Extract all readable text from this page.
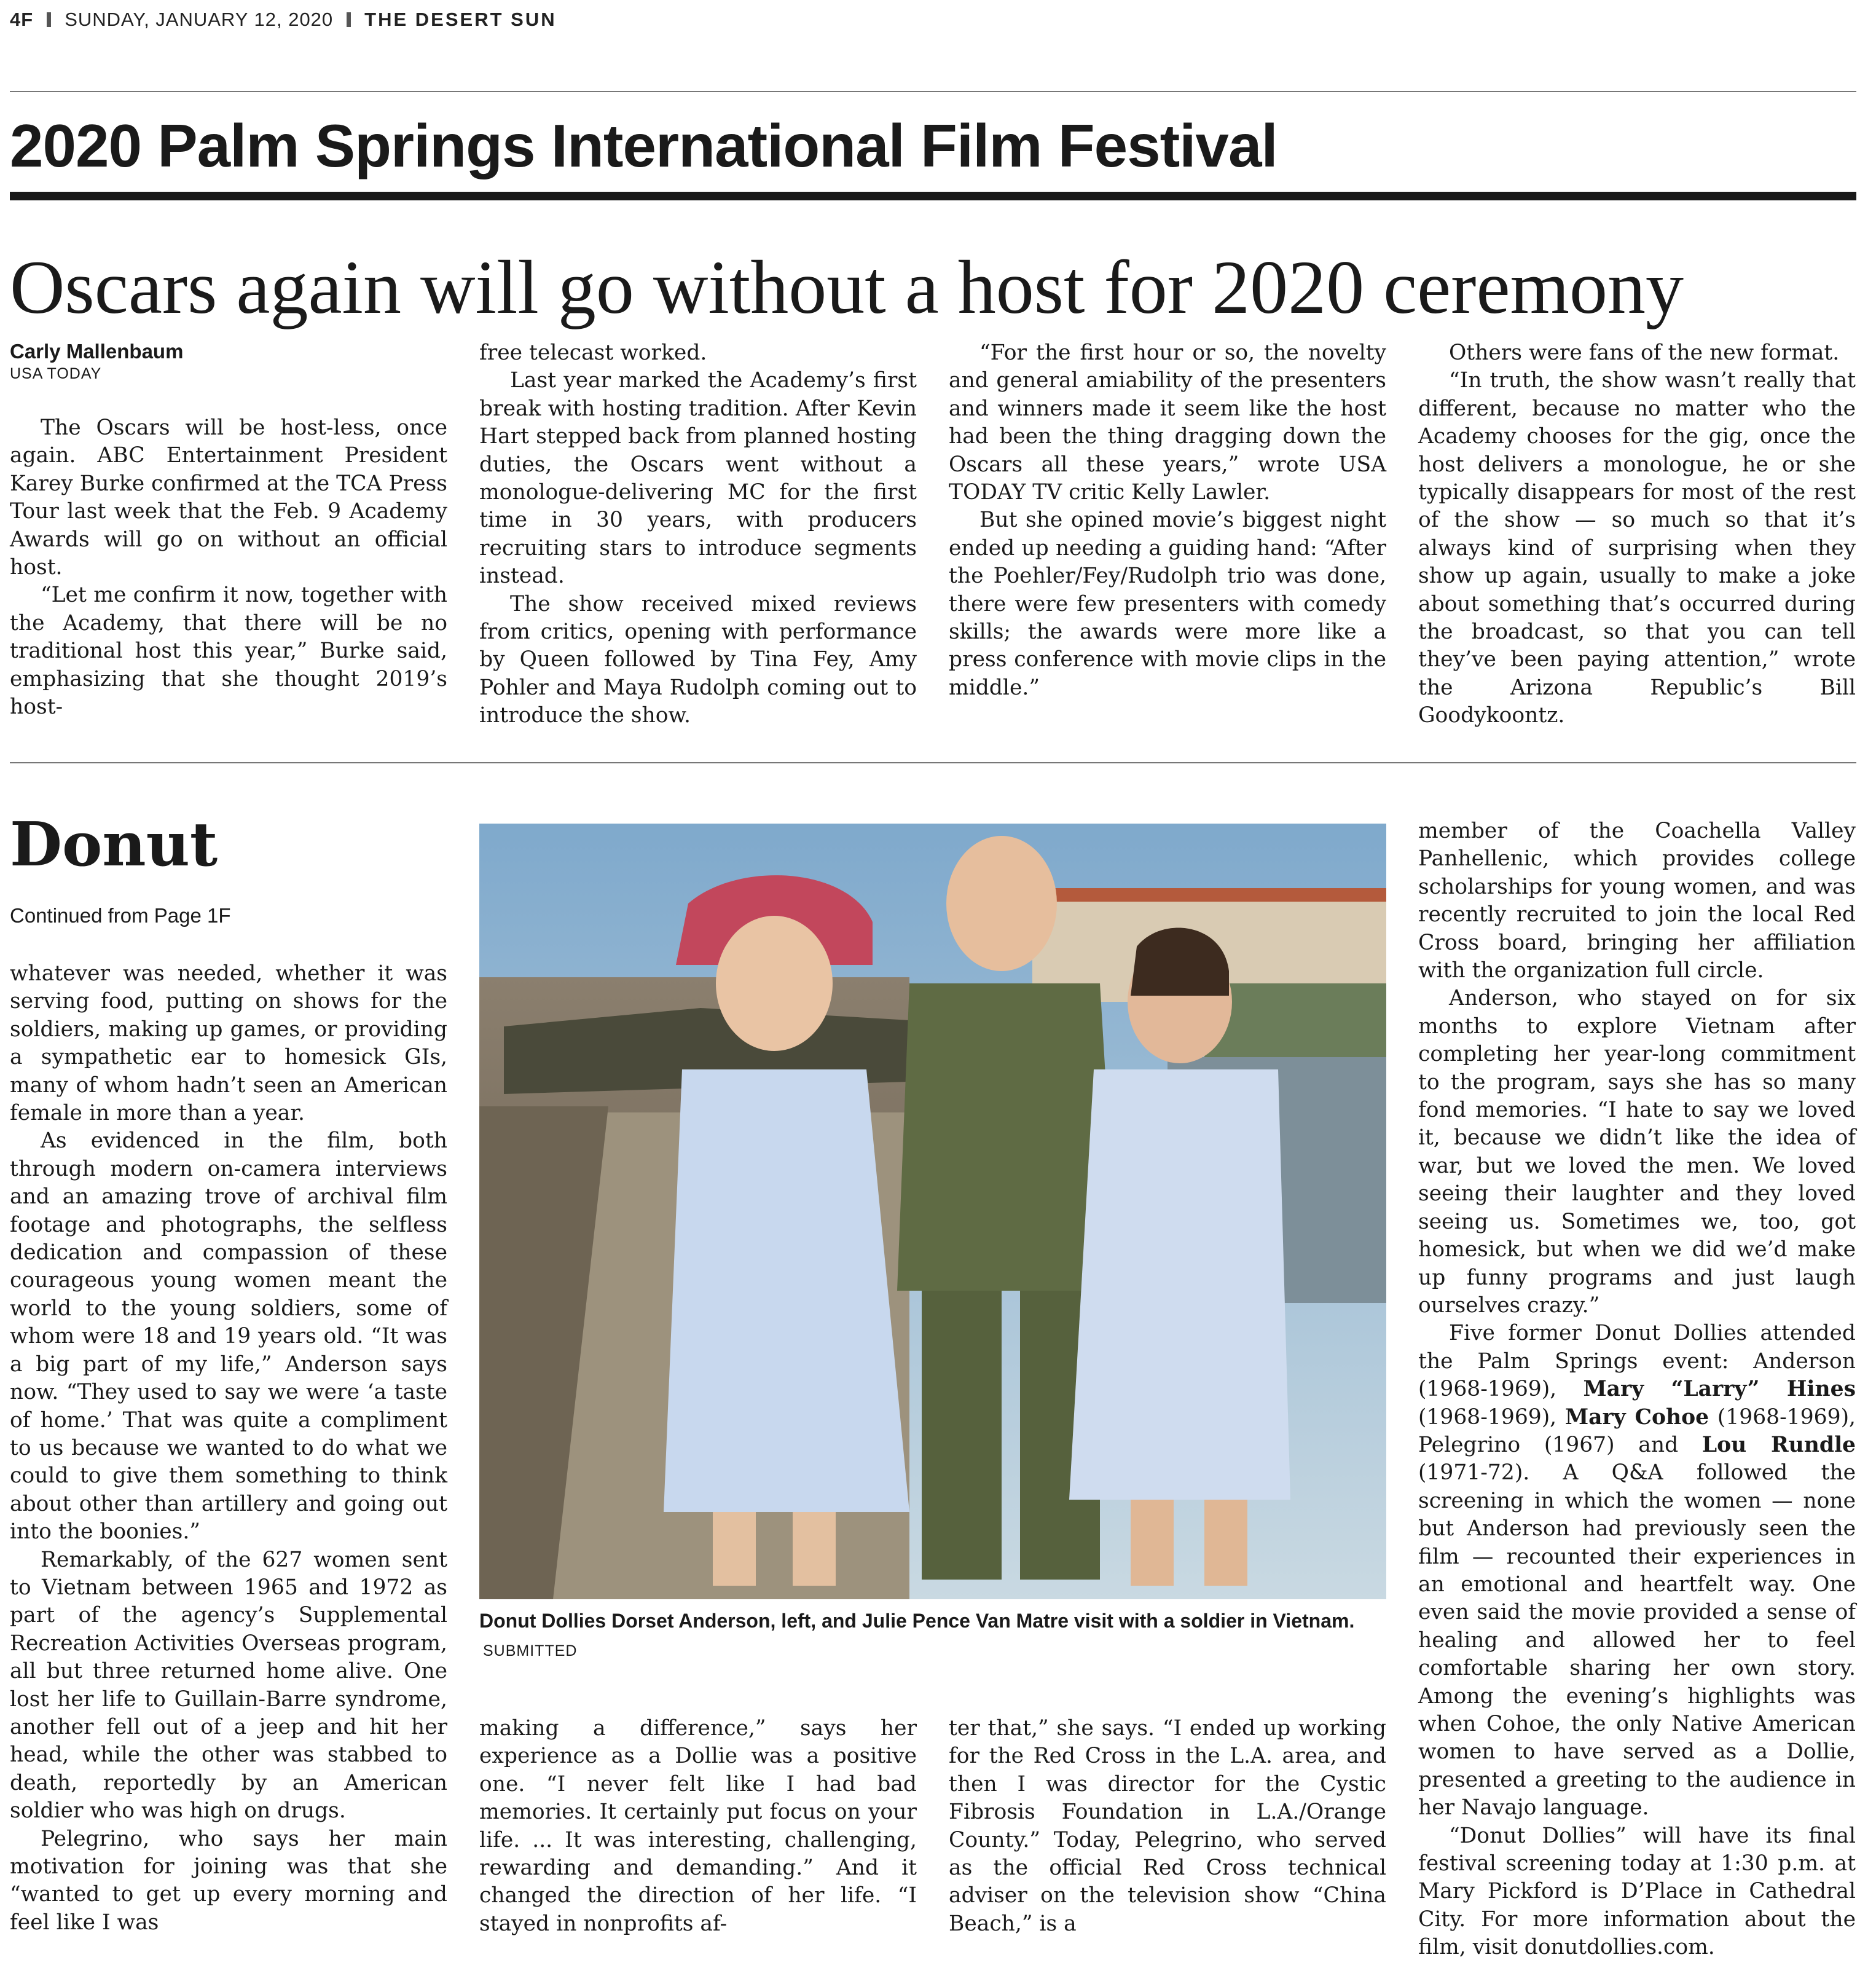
4F SUNDAY, JANUARY 12, 2020 THE DESERT SUN
2020 Palm Springs International Film Festival
Oscars again will go without a host for 2020 ceremony
Carly Mallenbaum
USA TODAY

The Oscars will be host-less, once again. ABC Entertainment President Karey Burke confirmed at the TCA Press Tour last week that the Feb. 9 Academy Awards will go on without an official host.

“Let me confirm it now, together with the Academy, that there will be no traditional host this year,” Burke said, emphasizing that she thought 2019’s host-

free telecast worked.

Last year marked the Academy’s first break with hosting tradition. After Kevin Hart stepped back from planned hosting duties, the Oscars went without a monologue-delivering MC for the first time in 30 years, with producers recruiting stars to introduce segments instead.

The show received mixed reviews from critics, opening with performance by Queen followed by Tina Fey, Amy Pohler and Maya Rudolph coming out to introduce the show.

“For the first hour or so, the novelty and general amiability of the presenters and winners made it seem like the host had been the thing dragging down the Oscars all these years,” wrote USA TODAY TV critic Kelly Lawler.

But she opined movie’s biggest night ended up needing a guiding hand: “After the Poehler/Fey/Rudolph trio was done, there were few presenters with comedy skills; the awards were more like a press conference with movie clips in the middle.”

Others were fans of the new format.

“In truth, the show wasn’t really that different, because no matter who the Academy chooses for the gig, once the host delivers a monologue, he or she typically disappears for most of the rest of the show — so much so that it’s always kind of surprising when they show up again, usually to make a joke about something that’s occurred during the broadcast, so that you can tell they’ve been paying attention,” wrote the Arizona Republic’s Bill Goodykoontz.

Donut
Continued from Page 1F

whatever was needed, whether it was serving food, putting on shows for the soldiers, making up games, or providing a sympathetic ear to homesick GIs, many of whom hadn’t seen an American female in more than a year.

As evidenced in the film, both through modern on-camera interviews and an amazing trove of archival film footage and photographs, the selfless dedication and compassion of these courageous young women meant the world to the young soldiers, some of whom were 18 and 19 years old. “It was a big part of my life,” Anderson says now. “They used to say we were ‘a taste of home.’ That was quite a compliment to us because we wanted to do what we could to give them something to think about other than artillery and going out into the boonies.”

Remarkably, of the 627 women sent to Vietnam between 1965 and 1972 as part of the agency’s Supplemental Recreation Activities Overseas program, all but three returned home alive. One lost her life to Guillain-Barre syndrome, another fell out of a jeep and hit her head, while the other was stabbed to death, reportedly by an American soldier who was high on drugs.

Pelegrino, who says her main motivation for joining was that she “wanted to get up every morning and feel like I was

Donut Dollies Dorset Anderson, left, and Julie Pence Van Matre visit with a soldier in Vietnam. SUBMITTED

making a difference,” says her experience as a Dollie was a positive one. “I never felt like I had bad memories. It certainly put focus on your life. ... It was interesting, challenging, rewarding and demanding.” And it changed the direction of her life. “I stayed in nonprofits af-

ter that,” she says. “I ended up working for the Red Cross in the L.A. area, and then I was director for the Cystic Fibrosis Foundation in L.A./Orange County.” Today, Pelegrino, who served as the official Red Cross technical adviser on the television show “China Beach,” is a

member of the Coachella Valley Panhellenic, which provides college scholarships for young women, and was recently recruited to join the local Red Cross board, bringing her affiliation with the organization full circle.

Anderson, who stayed on for six months to explore Vietnam after completing her year-long commitment to the program, says she has so many fond memories. “I hate to say we loved it, because we didn’t like the idea of war, but we loved the men. We loved seeing their laughter and they loved seeing us. Sometimes we, too, got homesick, but when we did we’d make up funny programs and just laugh ourselves crazy.”

Five former Donut Dollies attended the Palm Springs event: Anderson (1968-1969), Mary “Larry” Hines (1968-1969), Mary Cohoe (1968-1969), Pelegrino (1967) and Lou Rundle (1971-72). A Q&A followed the screening in which the women — none but Anderson had previously seen the film — recounted their experiences in an emotional and heartfelt way. One even said the movie provided a sense of healing and allowed her to feel comfortable sharing her own story. Among the evening’s highlights was when Cohoe, the only Native American women to have served as a Dollie, presented a greeting to the audience in her Navajo language.

“Donut Dollies” will have its final festival screening today at 1:30 p.m. at Mary Pickford is D’Place in Cathedral City. For more information about the film, visit donutdollies.com.
